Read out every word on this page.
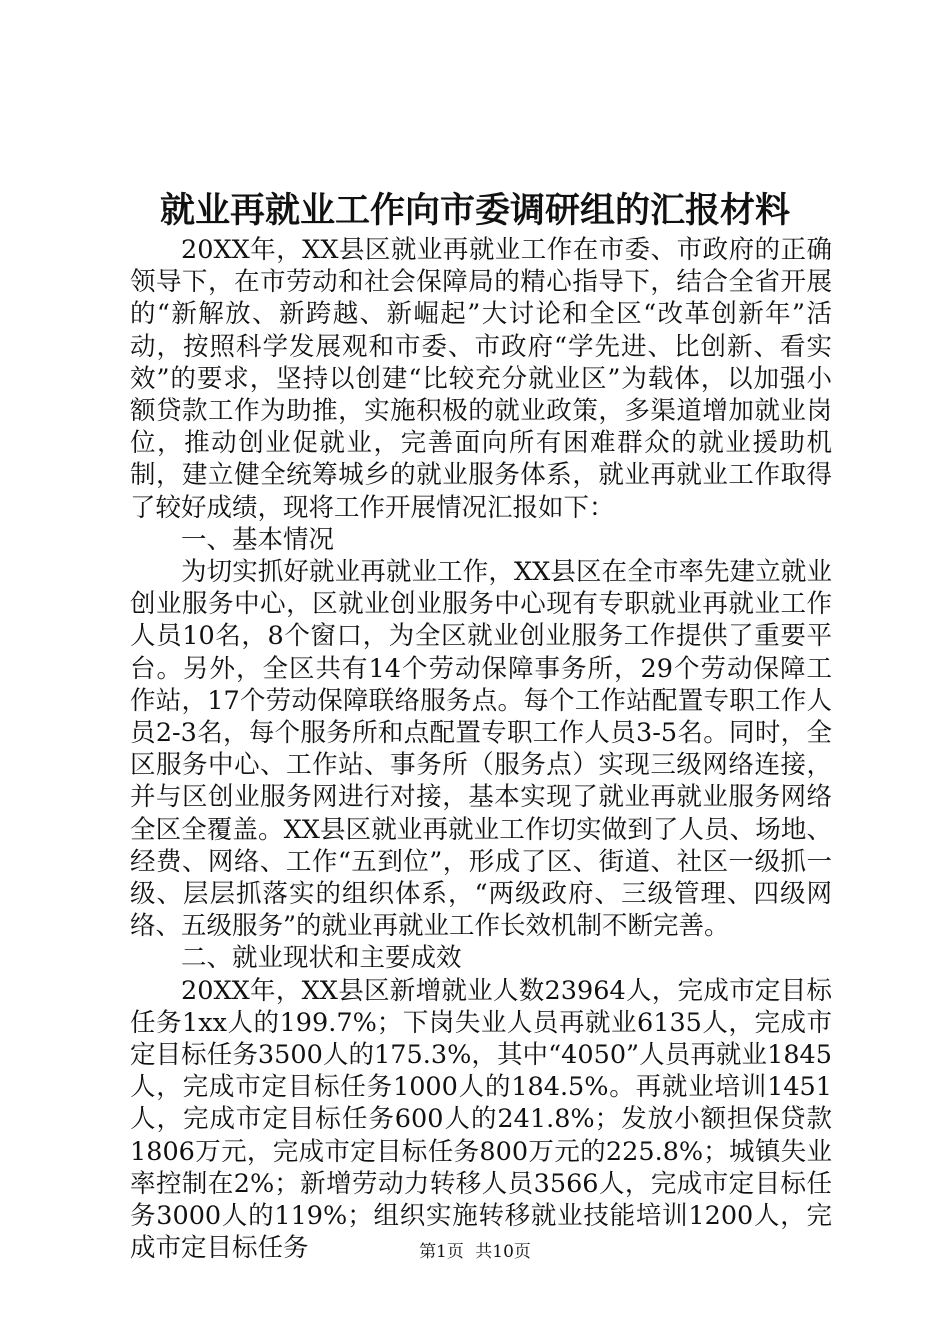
就业再就业工作向市委调研组的汇报材料

20XX年，XX县区就业再就业工作在市委、市政府的正确领导下，在市劳动和社会保障局的精心指导下，结合全省开展的“新解放、新跨越、新崛起”大讨论和全区“改革创新年”活动，按照科学发展观和市委、市政府“学先进、比创新、看实效”的要求，坚持以创建“比较充分就业区”为载体，以加强小额贷款工作为助推，实施积极的就业政策，多渠道增加就业岗位，推动创业促就业，完善面向所有困难群众的就业援助机制，建立健全统筹城乡的就业服务体系，就业再就业工作取得了较好成绩，现将工作开展情况汇报如下：

一、基本情况

为切实抓好就业再就业工作，XX县区在全市率先建立就业创业服务中心，区就业创业服务中心现有专职就业再就业工作人员10名，8个窗口，为全区就业创业服务工作提供了重要平台。另外，全区共有14个劳动保障事务所，29个劳动保障工作站，17个劳动保障联络服务点。每个工作站配置专职工作人员2-3名，每个服务所和点配置专职工作人员3-5名。同时，全区服务中心、工作站、事务所（服务点）实现三级网络连接，并与区创业服务网进行对接，基本实现了就业再就业服务网络全区全覆盖。XX县区就业再就业工作切实做到了人员、场地、经费、网络、工作“五到位”，形成了区、街道、社区一级抓一级、层层抓落实的组织体系，“两级政府、三级管理、四级网络、五级服务”的就业再就业工作长效机制不断完善。

二、就业现状和主要成效

20XX年，XX县区新增就业人数23964人，完成市定目标任务1xx人的199.7%；下岗失业人员再就业6135人，完成市定目标任务3500人的175.3%，其中“4050”人员再就业1845人，完成市定目标任务1000人的184.5%。再就业培训1451人，完成市定目标任务600人的241.8%；发放小额担保贷款1806万元，完成市定目标任务800万元的225.8%；城镇失业率控制在2%；新增劳动力转移人员3566人，完成市定目标任务3000人的119%；组织实施转移就业技能培训1200人，完成市定目标任务	第1页 共10页
